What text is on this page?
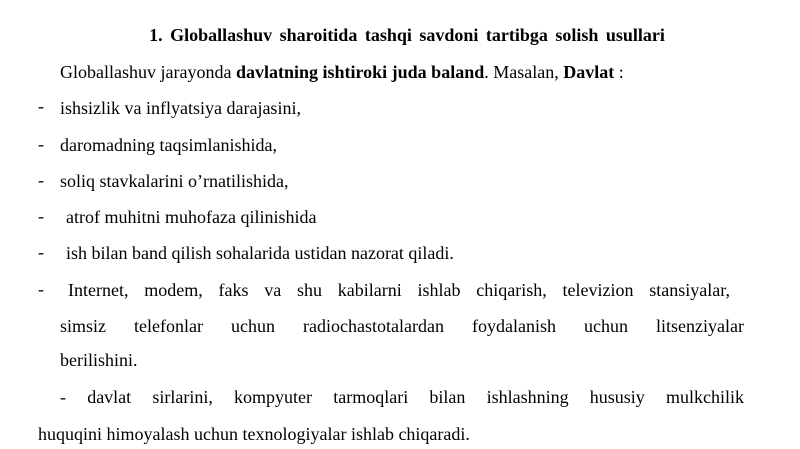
1. Globallashuv sharoitida tashqi savdoni tartibga solish usullari
Globallashuv jarayonda davlatning ishtiroki juda baland. Masalan, Davlat :
- ishsizlik va inflyatsiya darajasini,
- daromadning taqsimlanishida,
- soliq stavkalarini o’rnatilishida,
- atrof muhitni muhofaza qilinishida
- ish bilan band qilish sohalarida ustidan nazorat qiladi.
- Internet, modem, faks va shu kabilarni ishlab chiqarish, televizion stansiyalar,
simsiz telefonlar uchun radiochastotalardan foydalanish uchun litsenziyalar
berilishini.
- davlat sirlarini, kompyuter tarmoqlari bilan ishlashning hususiy mulkchilik
huquqini himoyalash uchun texnologiyalar ishlab chiqaradi.
